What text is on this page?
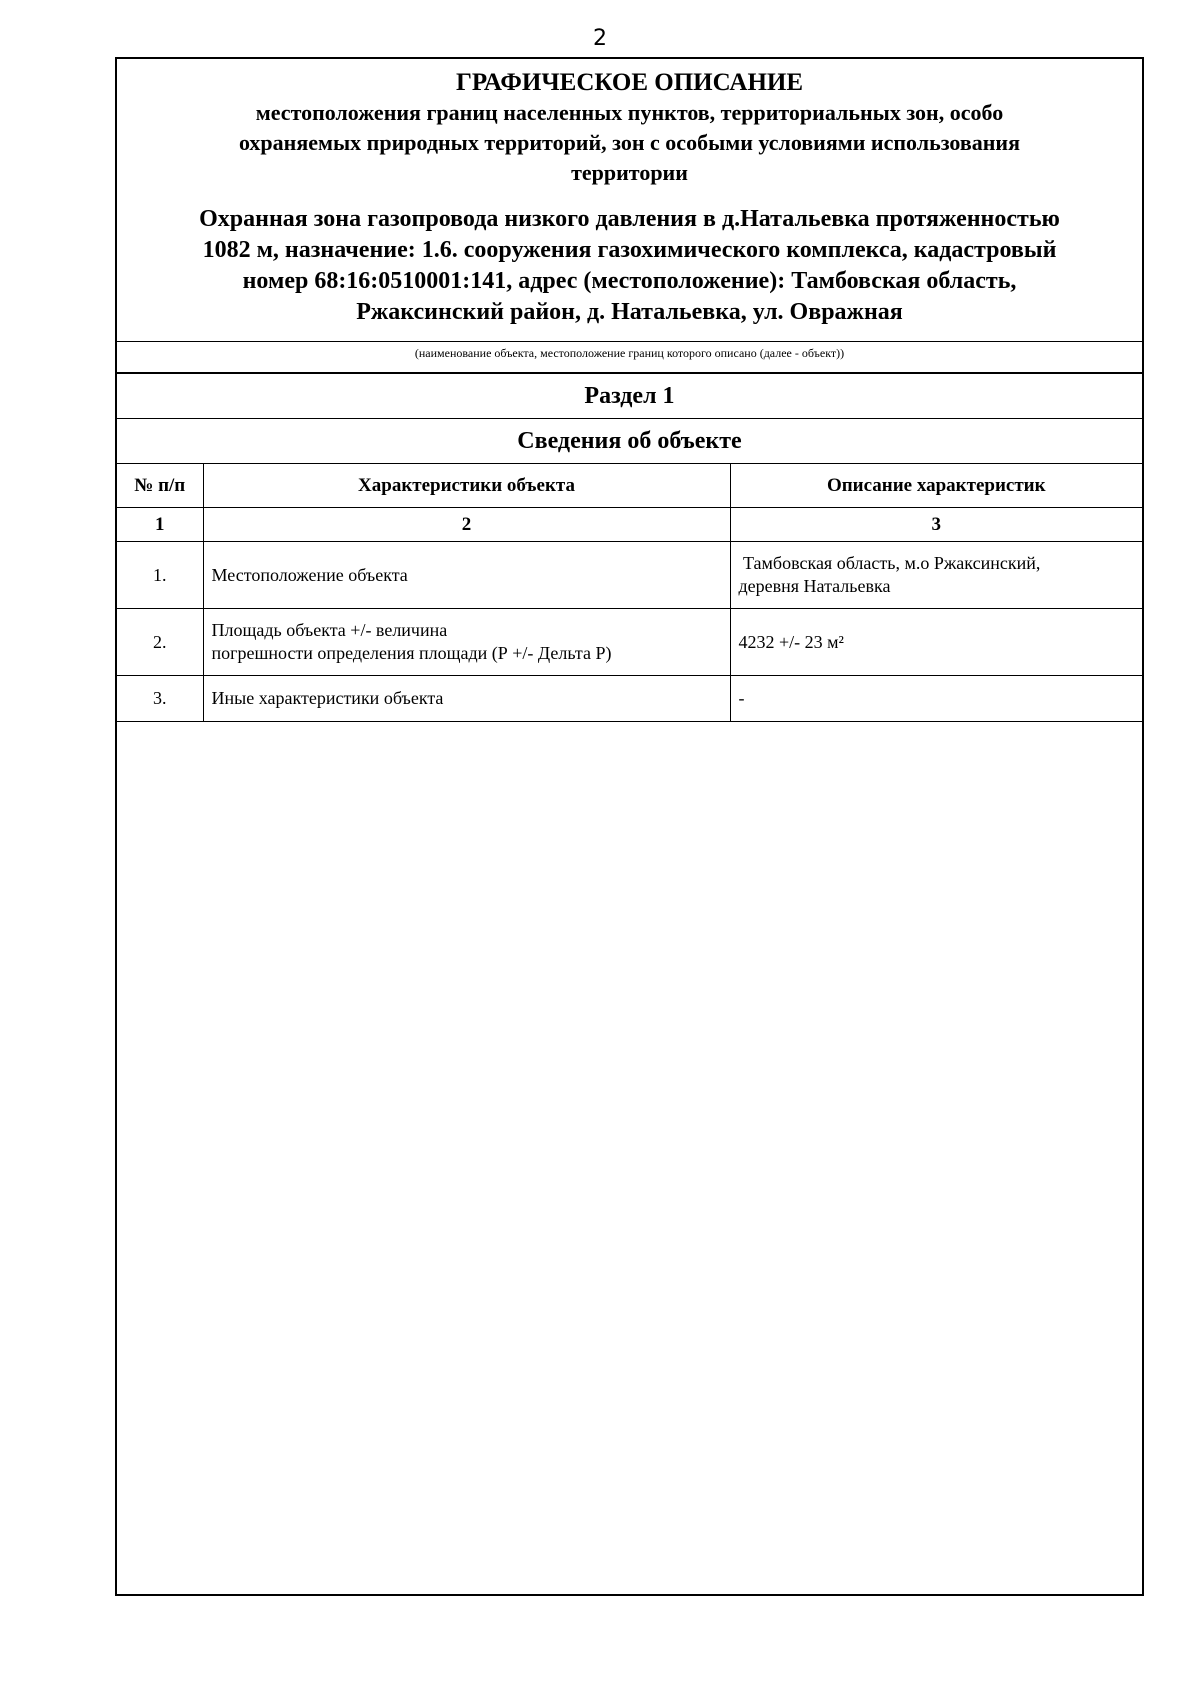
2
ГРАФИЧЕСКОЕ ОПИСАНИЕ
местоположения границ населенных пунктов, территориальных зон, особо
охраняемых природных территорий, зон с особыми условиями использования
территории
Охранная зона газопровода низкого давления в д.Натальевка протяженностью
1082 м, назначение: 1.6. сооружения газохимического комплекса, кадастровый
номер 68:16:0510001:141, адрес (местоположение): Тамбовская область,
Ржаксинский район, д. Натальевка, ул. Овражная
(наименование объекта, местоположение границ которого описано (далее - объект))
Раздел 1
Сведения об объекте
№ п/п	Характеристики объекта	Описание характеристик
1	2	3
1.	Местоположение объекта	Тамбовская область, м.о Ржаксинский,
деревня Натальевка

2.	Площадь объекта +/- величина
погрешности определения площади (Р +/- Дельта Р)	4232 +/- 23 м²

3.	Иные характеристики объекта	-
